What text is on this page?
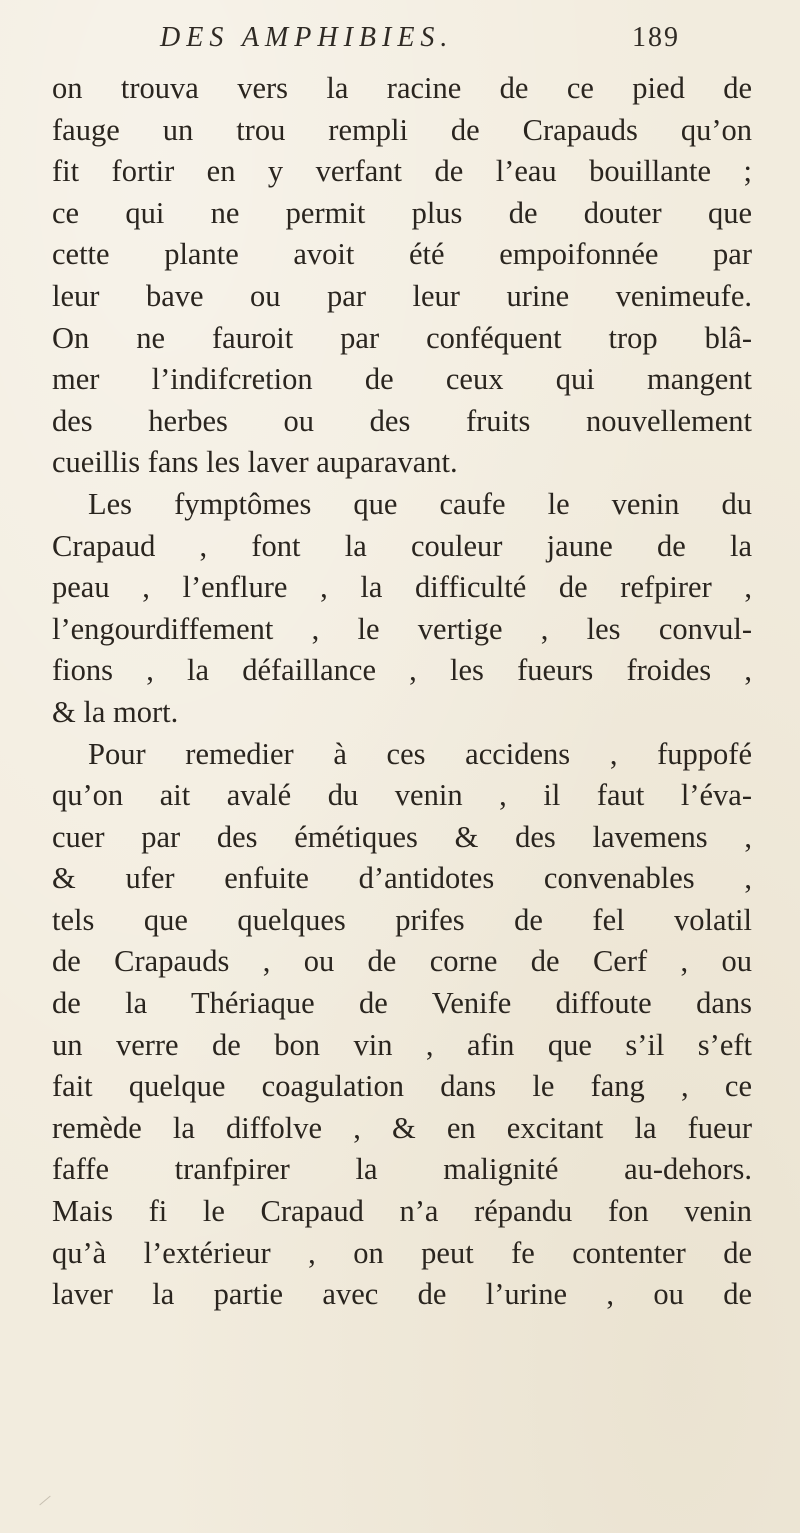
DES AMPHIBIES.	189
on trouva vers la racine de ce pied de
fauge un trou rempli de Crapauds qu’on
fit fortir en y verfant de l’eau bouillante ;
ce qui ne permit plus de douter que
cette plante avoit été empoifonnée par
leur bave ou par leur urine venimeufe.
On ne fauroit par conféquent trop blâ-
mer l’indifcretion de ceux qui mangent
des herbes ou des fruits nouvellement
cueillis fans les laver auparavant.
Les fymptômes que caufe le venin du
Crapaud , font la couleur jaune de la
peau , l’enflure , la difficulté de refpirer ,
l’engourdiffement , le vertige , les convul-
fions , la défaillance , les fueurs froides ,
& la mort.
Pour remedier à ces accidens , fuppofé
qu’on ait avalé du venin , il faut l’éva-
cuer par des émétiques & des lavemens ,
& ufer enfuite d’antidotes convenables ,
tels que quelques prifes de fel volatil
de Crapauds , ou de corne de Cerf , ou
de la Thériaque de Venife diffoute dans
un verre de bon vin , afin que s’il s’eft
fait quelque coagulation dans le fang , ce
remède la diffolve , & en excitant la fueur
faffe tranfpirer la malignité au-dehors.
Mais fi le Crapaud n’a répandu fon venin
qu’à l’extérieur , on peut fe contenter de
laver la partie avec de l’urine , ou de
